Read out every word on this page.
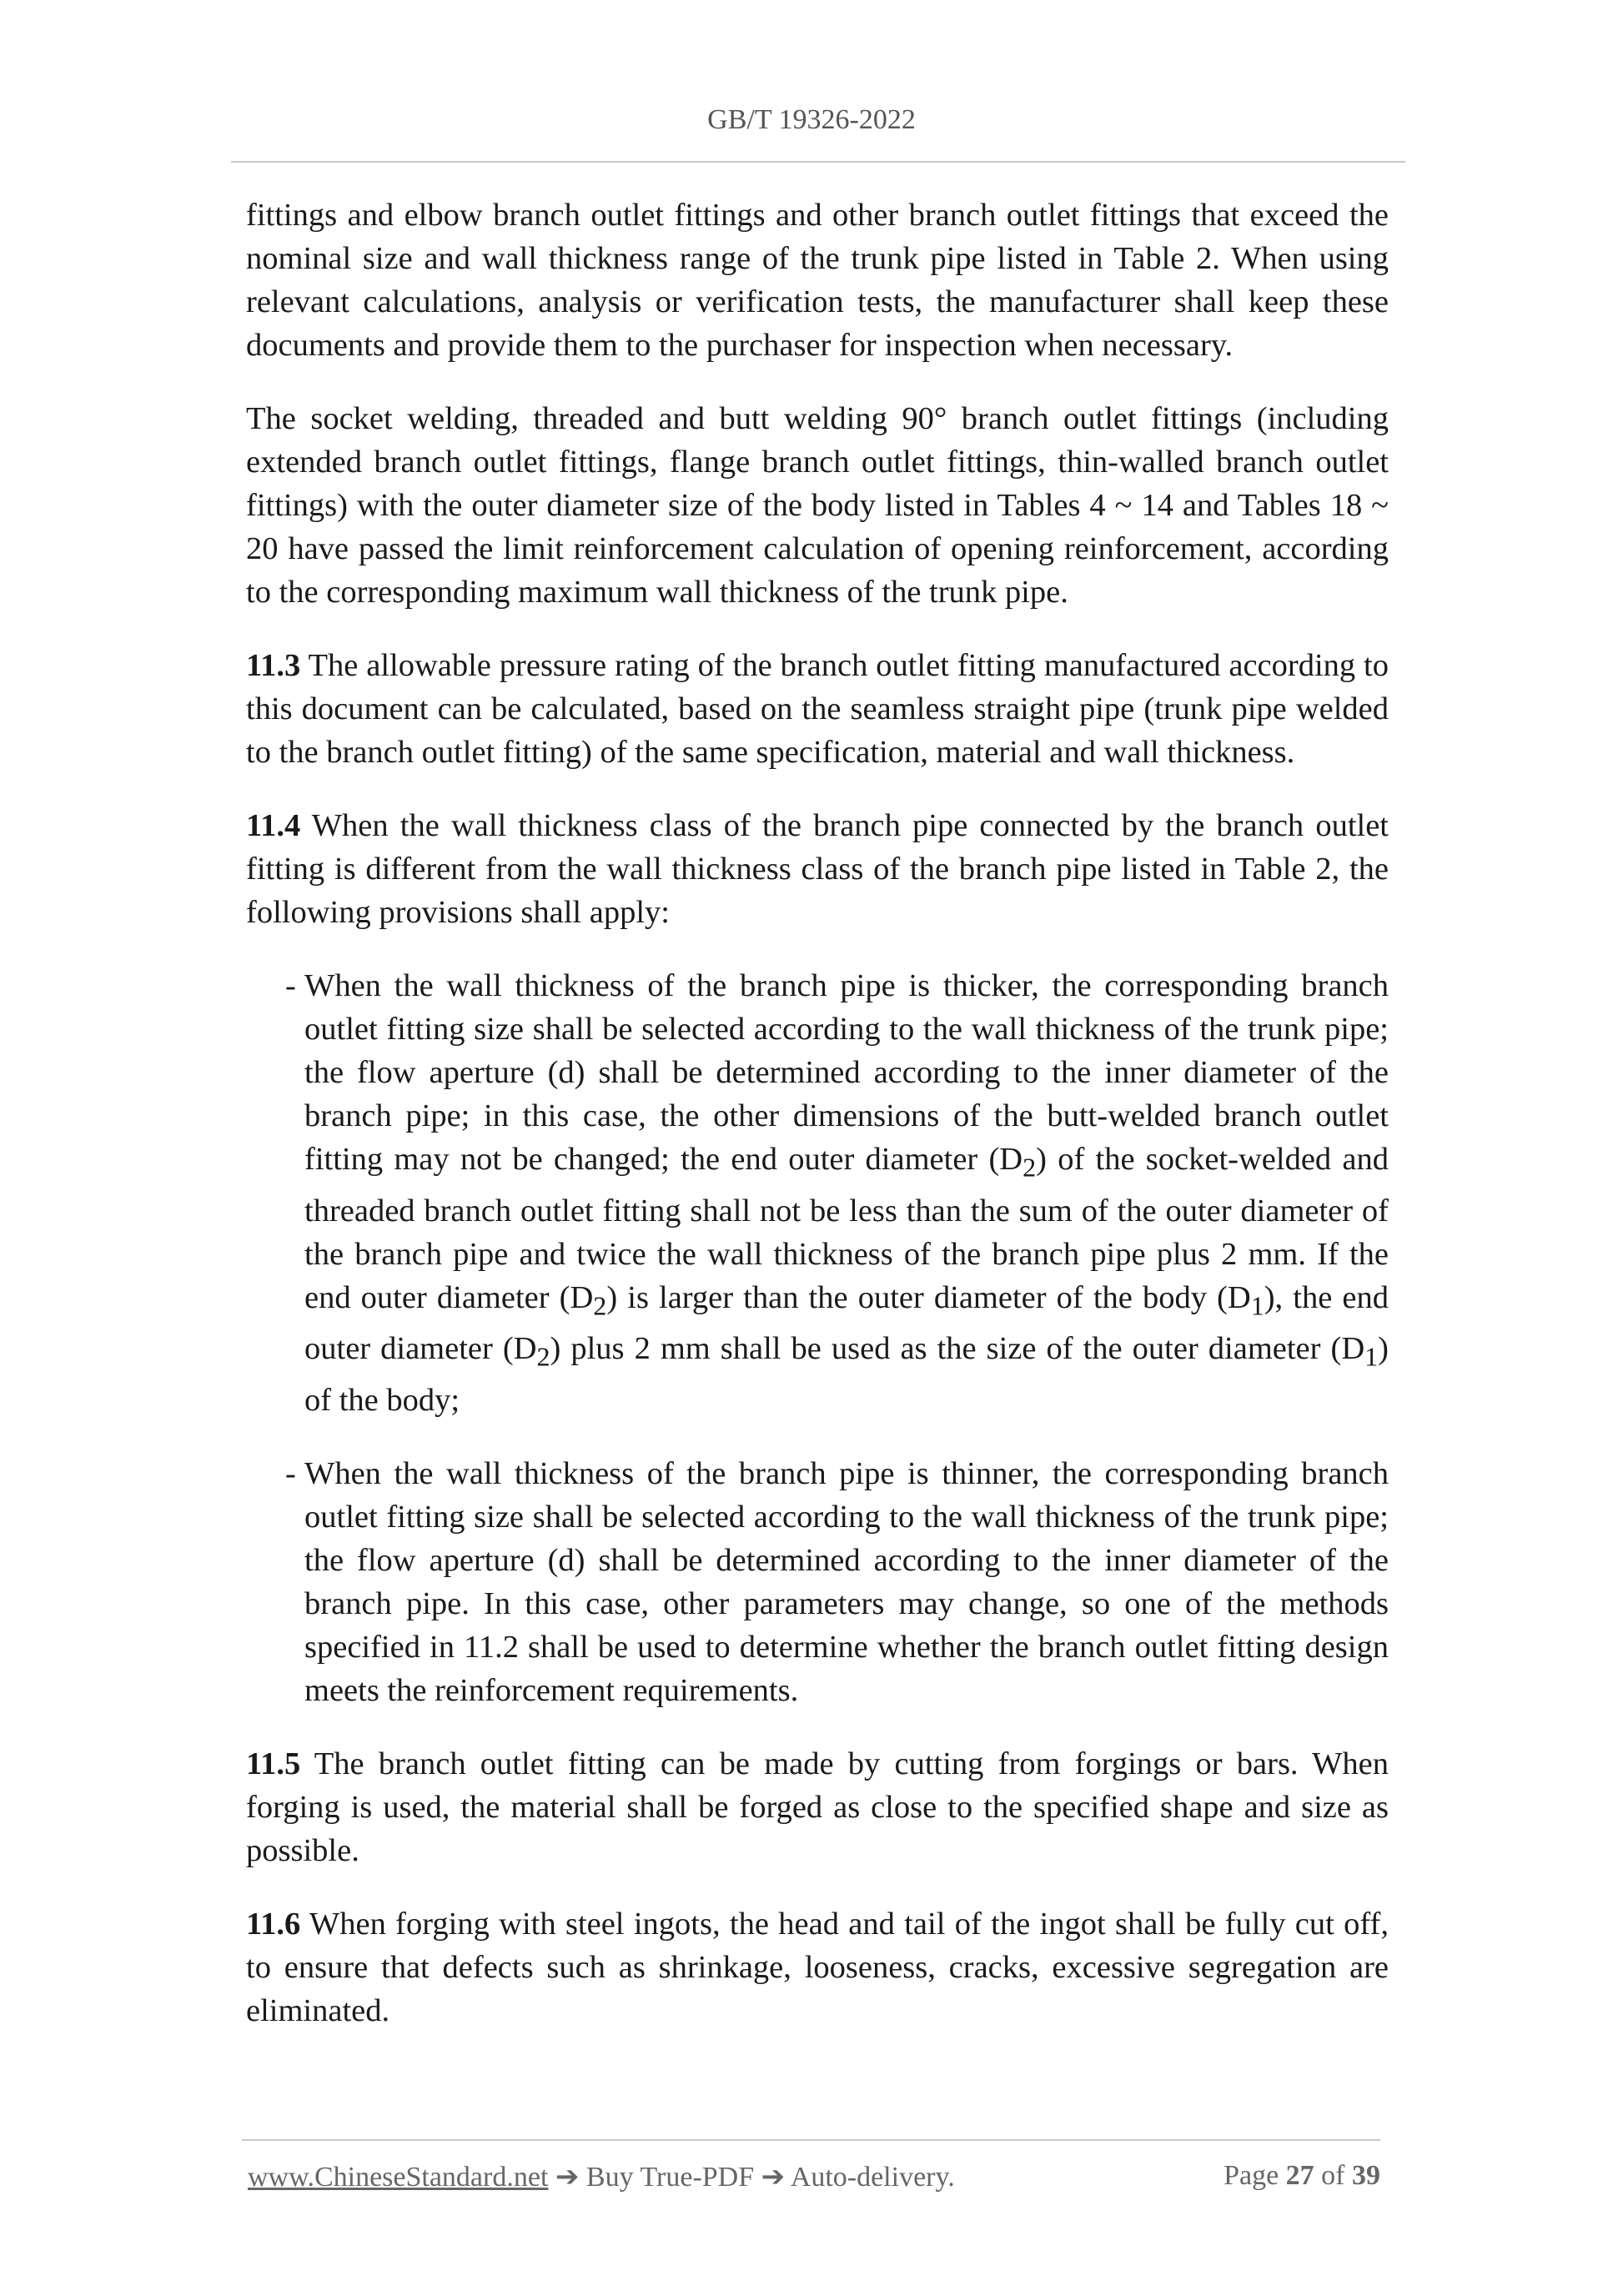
GB/T 19326-2022

fittings and elbow branch outlet fittings and other branch outlet fittings that exceed the nominal size and wall thickness range of the trunk pipe listed in Table 2. When using relevant calculations, analysis or verification tests, the manufacturer shall keep these documents and provide them to the purchaser for inspection when necessary.

The socket welding, threaded and butt welding 90° branch outlet fittings (including extended branch outlet fittings, flange branch outlet fittings, thin-walled branch outlet fittings) with the outer diameter size of the body listed in Tables 4 ~ 14 and Tables 18 ~ 20 have passed the limit reinforcement calculation of opening reinforcement, according to the corresponding maximum wall thickness of the trunk pipe.

11.3 The allowable pressure rating of the branch outlet fitting manufactured according to this document can be calculated, based on the seamless straight pipe (trunk pipe welded to the branch outlet fitting) of the same specification, material and wall thickness.

11.4 When the wall thickness class of the branch pipe connected by the branch outlet fitting is different from the wall thickness class of the branch pipe listed in Table 2, the following provisions shall apply:

- When the wall thickness of the branch pipe is thicker, the corresponding branch outlet fitting size shall be selected according to the wall thickness of the trunk pipe; the flow aperture (d) shall be determined according to the inner diameter of the branch pipe; in this case, the other dimensions of the butt-welded branch outlet fitting may not be changed; the end outer diameter $(D_2)$ of the socket-welded and threaded branch outlet fitting shall not be less than the sum of the outer diameter of the branch pipe and twice the wall thickness of the branch pipe plus 2 mm. If the end outer diameter $(D_2)$ is larger than the outer diameter of the body $(D_1)$, the end outer diameter $(D_2)$ plus 2 mm shall be used as the size of the outer diameter $(D_1)$ of the body;
- When the wall thickness of the branch pipe is thinner, the corresponding branch outlet fitting size shall be selected according to the wall thickness of the trunk pipe; the flow aperture (d) shall be determined according to the inner diameter of the branch pipe. In this case, other parameters may change, so one of the methods specified in 11.2 shall be used to determine whether the branch outlet fitting design meets the reinforcement requirements.

11.5 The branch outlet fitting can be made by cutting from forgings or bars. When forging is used, the material shall be forged as close to the specified shape and size as possible.

11.6 When forging with steel ingots, the head and tail of the ingot shall be fully cut off, to ensure that defects such as shrinkage, looseness, cracks, excessive segregation are eliminated.

www.ChineseStandard.net ➔ Buy True-PDF ➔ Auto-delivery.	Page 27 of 39
